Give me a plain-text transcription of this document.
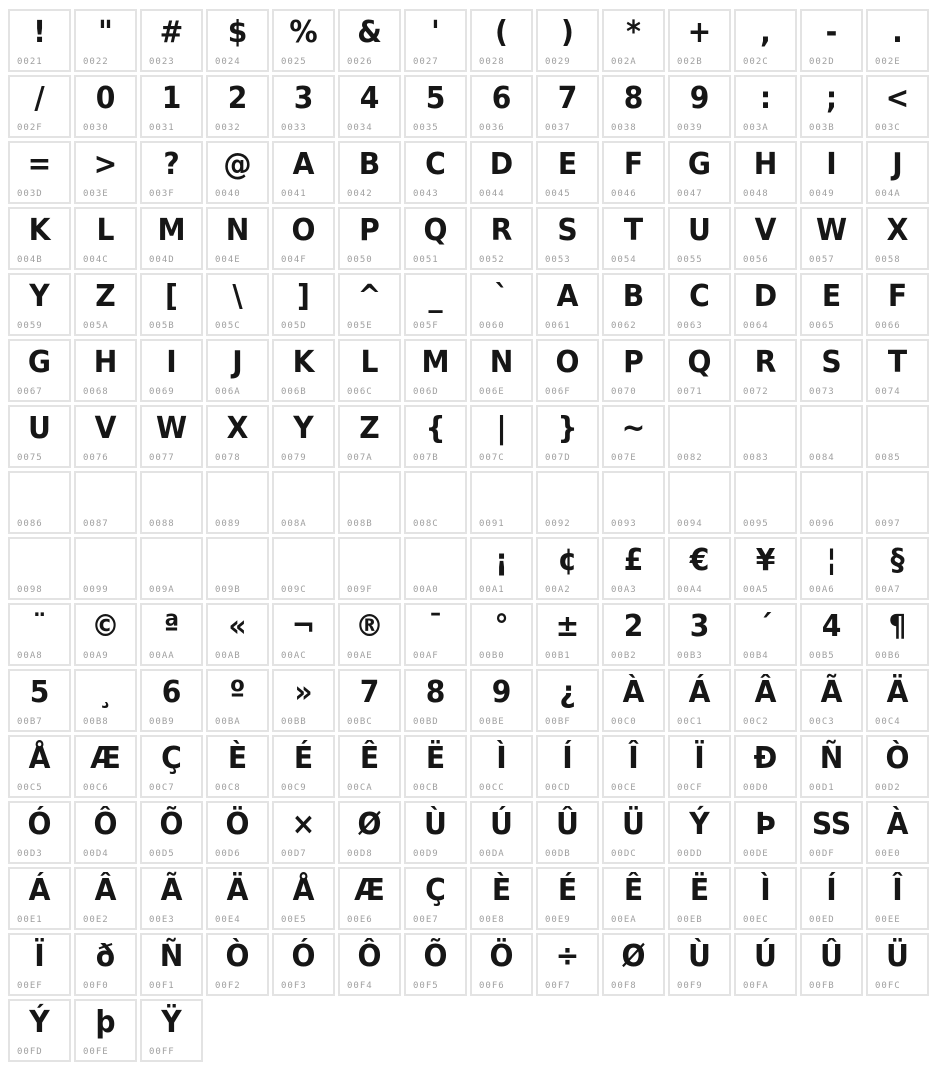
!
0021
"
0022
#
0023
$
0024
%
0025
&
0026
'
0027
(
0028
)
0029
*
002A
+
002B
,
002C
-
002D
.
002E
/
002F
0
0030
1
0031
2
0032
3
0033
4
0034
5
0035
6
0036
7
0037
8
0038
9
0039
:
003A
;
003B
<
003C
=
003D
>
003E
?
003F
@
0040
A
0041
B
0042
C
0043
D
0044
E
0045
F
0046
G
0047
H
0048
I
0049
J
004A
K
004B
L
004C
M
004D
N
004E
O
004F
P
0050
Q
0051
R
0052
S
0053
T
0054
U
0055
V
0056
W
0057
X
0058
Y
0059
Z
005A
[
005B
\
005C
]
005D
^
005E
_
005F
`
0060
A
0061
B
0062
C
0063
D
0064
E
0065
F
0066
G
0067
H
0068
I
0069
J
006A
K
006B
L
006C
M
006D
N
006E
O
006F
P
0070
Q
0071
R
0072
S
0073
T
0074
U
0075
V
0076
W
0077
X
0078
Y
0079
Z
007A
{
007B
|
007C
}
007D
~
007E	0082	0083	0084	0085
0086	0087	0088	0089	008A	008B	008C	0091	0092	0093	0094	0095	0096	0097
0098	0099	009A	009B	009C	009F	00A0
¡
00A1
¢
00A2
£
00A3
€
00A4
¥
00A5
¦
00A6
§
00A7
¨
00A8
©
00A9
ª
00AA
«
00AB
¬
00AC
®
00AE
¯
00AF
°
00B0
±
00B1
2
00B2
3
00B3
´
00B4
4
00B5
¶
00B6
5
00B7
¸
00B8
6
00B9
º
00BA
»
00BB
7
00BC
8
00BD
9
00BE
¿
00BF
À
00C0
Á
00C1
Â
00C2
Ã
00C3
Ä
00C4
Å
00C5
Æ
00C6
Ç
00C7
È
00C8
É
00C9
Ê
00CA
Ë
00CB
Ì
00CC
Í
00CD
Î
00CE
Ï
00CF
Ð
00D0
Ñ
00D1
Ò
00D2
Ó
00D3
Ô
00D4
Õ
00D5
Ö
00D6
×
00D7
Ø
00D8
Ù
00D9
Ú
00DA
Û
00DB
Ü
00DC
Ý
00DD
Þ
00DE
SS
00DF
À
00E0
Á
00E1
Â
00E2
Ã
00E3
Ä
00E4
Å
00E5
Æ
00E6
Ç
00E7
È
00E8
É
00E9
Ê
00EA
Ë
00EB
Ì
00EC
Í
00ED
Î
00EE
Ï
00EF
ð
00F0
Ñ
00F1
Ò
00F2
Ó
00F3
Ô
00F4
Õ
00F5
Ö
00F6
÷
00F7
Ø
00F8
Ù
00F9
Ú
00FA
Û
00FB
Ü
00FC
Ý
00FD
þ
00FE
Ÿ
00FF
